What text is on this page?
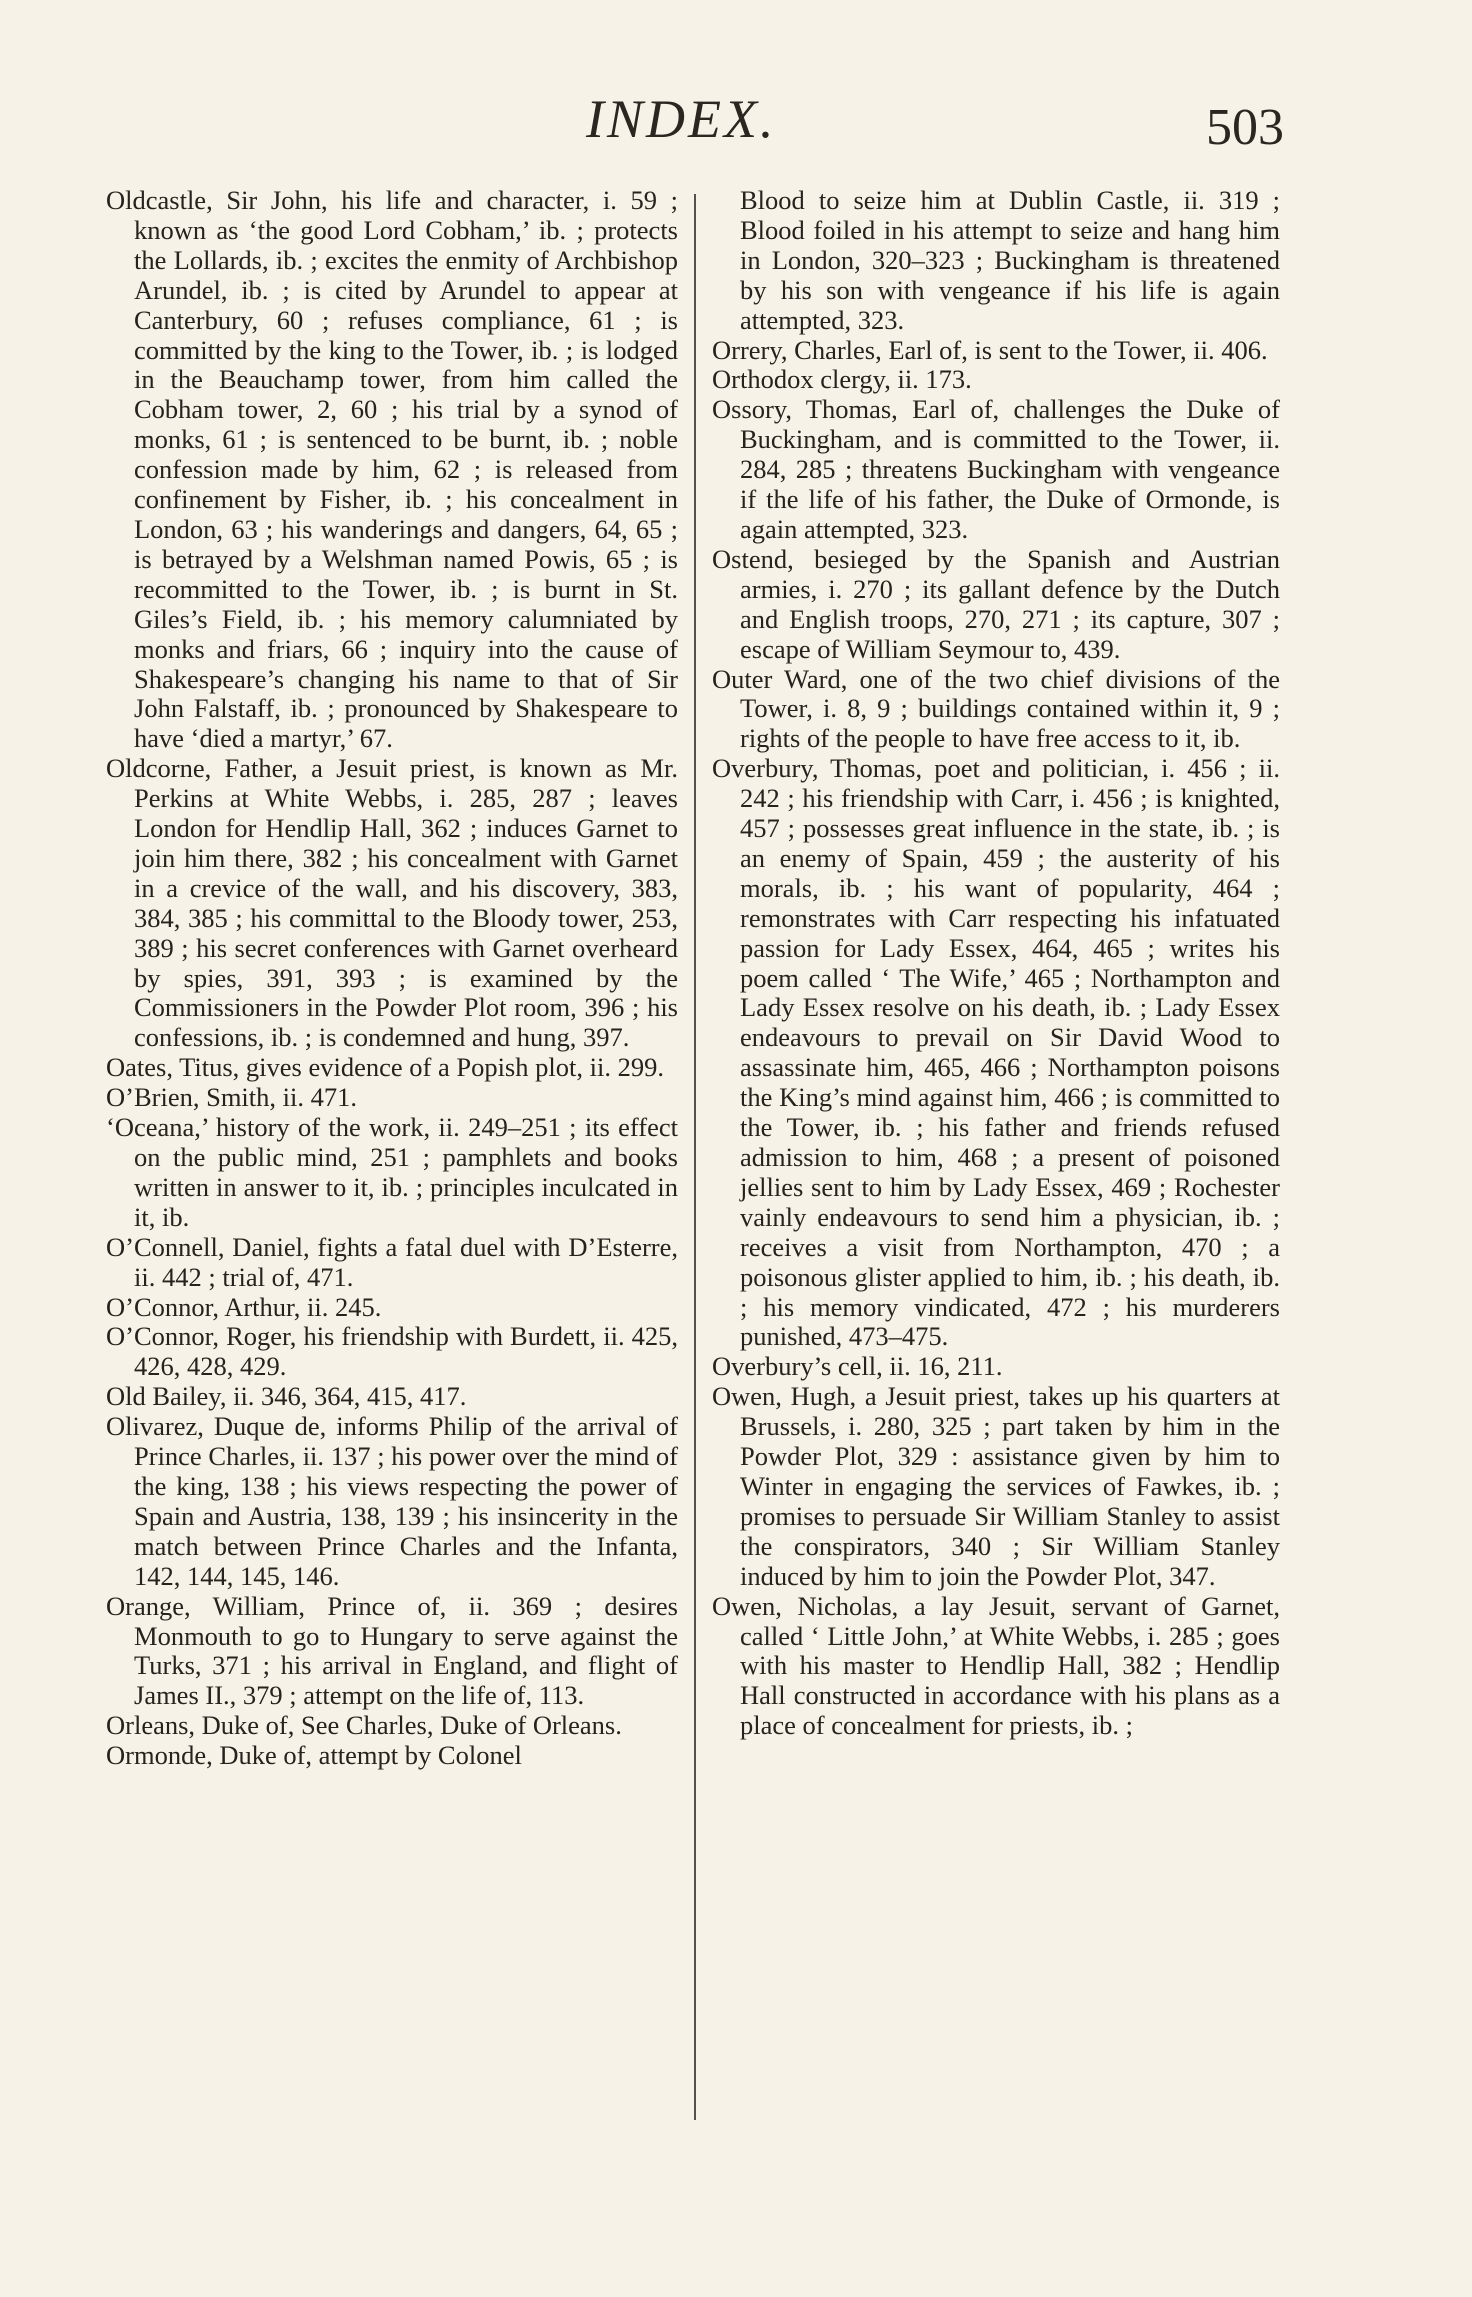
INDEX.	503

Oldcastle, Sir John, his life and character, i. 59 ; known as ‘the good Lord Cobham,’ ib. ; protects the Lollards, ib. ; excites the enmity of Archbishop Arundel, ib. ; is cited by Arundel to appear at Canterbury, 60 ; refuses compliance, 61 ; is committed by the king to the Tower, ib. ; is lodged in the Beauchamp tower, from him called the Cobham tower, 2, 60 ; his trial by a synod of monks, 61 ; is sentenced to be burnt, ib. ; noble confession made by him, 62 ; is released from confinement by Fisher, ib. ; his concealment in London, 63 ; his wanderings and dangers, 64, 65 ; is betrayed by a Welshman named Powis, 65 ; is recommitted to the Tower, ib. ; is burnt in St. Giles’s Field, ib. ; his memory calumniated by monks and friars, 66 ; inquiry into the cause of Shakespeare’s changing his name to that of Sir John Falstaff, ib. ; pronounced by Shakespeare to have ‘died a martyr,’ 67.

Oldcorne, Father, a Jesuit priest, is known as Mr. Perkins at White Webbs, i. 285, 287 ; leaves London for Hendlip Hall, 362 ; induces Garnet to join him there, 382 ; his concealment with Garnet in a crevice of the wall, and his discovery, 383, 384, 385 ; his committal to the Bloody tower, 253, 389 ; his secret conferences with Garnet overheard by spies, 391, 393 ; is examined by the Commissioners in the Powder Plot room, 396 ; his confessions, ib. ; is condemned and hung, 397.

Oates, Titus, gives evidence of a Popish plot, ii. 299.

O’Brien, Smith, ii. 471.

‘Oceana,’ history of the work, ii. 249–251 ; its effect on the public mind, 251 ; pamphlets and books written in answer to it, ib. ; principles inculcated in it, ib.

O’Connell, Daniel, fights a fatal duel with D’Esterre, ii. 442 ; trial of, 471.

O’Connor, Arthur, ii. 245.

O’Connor, Roger, his friendship with Burdett, ii. 425, 426, 428, 429.

Old Bailey, ii. 346, 364, 415, 417.

Olivarez, Duque de, informs Philip of the arrival of Prince Charles, ii. 137 ; his power over the mind of the king, 138 ; his views respecting the power of Spain and Austria, 138, 139 ; his insincerity in the match between Prince Charles and the Infanta, 142, 144, 145, 146.

Orange, William, Prince of, ii. 369 ; desires Monmouth to go to Hungary to serve against the Turks, 371 ; his arrival in England, and flight of James II., 379 ; attempt on the life of, 113.

Orleans, Duke of, See Charles, Duke of Orleans.

Ormonde, Duke of, attempt by Colonel

Blood to seize him at Dublin Castle, ii. 319 ; Blood foiled in his attempt to seize and hang him in London, 320–323 ; Buckingham is threatened by his son with vengeance if his life is again attempted, 323.

Orrery, Charles, Earl of, is sent to the Tower, ii. 406.

Orthodox clergy, ii. 173.

Ossory, Thomas, Earl of, challenges the Duke of Buckingham, and is committed to the Tower, ii. 284, 285 ; threatens Buckingham with vengeance if the life of his father, the Duke of Ormonde, is again attempted, 323.

Ostend, besieged by the Spanish and Austrian armies, i. 270 ; its gallant defence by the Dutch and English troops, 270, 271 ; its capture, 307 ; escape of William Seymour to, 439.

Outer Ward, one of the two chief divisions of the Tower, i. 8, 9 ; buildings contained within it, 9 ; rights of the people to have free access to it, ib.

Overbury, Thomas, poet and politician, i. 456 ; ii. 242 ; his friendship with Carr, i. 456 ; is knighted, 457 ; possesses great influence in the state, ib. ; is an enemy of Spain, 459 ; the austerity of his morals, ib. ; his want of popularity, 464 ; remonstrates with Carr respecting his infatuated passion for Lady Essex, 464, 465 ; writes his poem called ‘ The Wife,’ 465 ; Northampton and Lady Essex resolve on his death, ib. ; Lady Essex endeavours to prevail on Sir David Wood to assassinate him, 465, 466 ; Northampton poisons the King’s mind against him, 466 ; is committed to the Tower, ib. ; his father and friends refused admission to him, 468 ; a present of poisoned jellies sent to him by Lady Essex, 469 ; Rochester vainly endeavours to send him a physician, ib. ; receives a visit from Northampton, 470 ; a poisonous glister applied to him, ib. ; his death, ib. ; his memory vindicated, 472 ; his murderers punished, 473–475.

Overbury’s cell, ii. 16, 211.

Owen, Hugh, a Jesuit priest, takes up his quarters at Brussels, i. 280, 325 ; part taken by him in the Powder Plot, 329 : assistance given by him to Winter in engaging the services of Fawkes, ib. ; promises to persuade Sir William Stanley to assist the conspirators, 340 ; Sir William Stanley induced by him to join the Powder Plot, 347.

Owen, Nicholas, a lay Jesuit, servant of Garnet, called ‘ Little John,’ at White Webbs, i. 285 ; goes with his master to Hendlip Hall, 382 ; Hendlip Hall constructed in accordance with his plans as a place of concealment for priests, ib. ;
